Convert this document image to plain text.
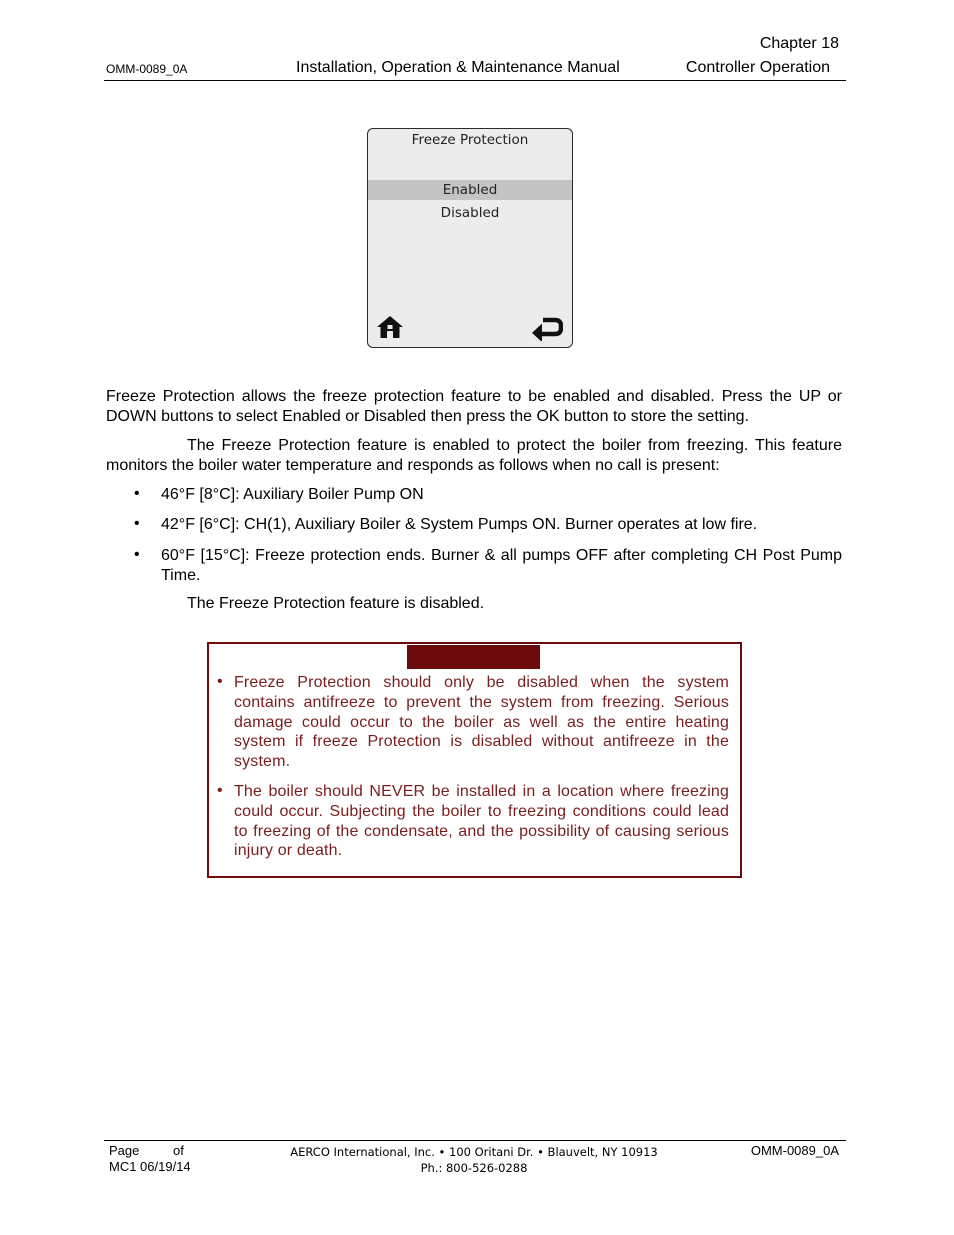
Chapter 18
OMM-0089_0A	Installation, Operation & Maintenance Manual	Controller Operation
Freeze Protection
Enabled
Disabled
Freeze Protection allows the freeze protection feature to be enabled and disabled. Press the UP or DOWN buttons to select Enabled or Disabled then press the OK button to store the setting.
The Freeze Protection feature is enabled to protect the boiler from freezing. This feature monitors the boiler water temperature and responds as follows when no call is present:
• 46°F [8°C]: Auxiliary Boiler Pump ON
• 42°F [6°C]: CH(1), Auxiliary Boiler & System Pumps ON. Burner operates at low fire.
• 60°F [15°C]: Freeze protection ends. Burner & all pumps OFF after completing CH Post Pump Time.
The Freeze Protection feature is disabled.
• Freeze Protection should only be disabled when the system contains antifreeze to prevent the system from freezing. Serious damage could occur to the boiler as well as the entire heating system if freeze Protection is disabled without antifreeze in the system.
• The boiler should NEVER be installed in a location where freezing could occur. Subjecting the boiler to freezing conditions could lead to freezing of the condensate, and the possibility of causing serious injury or death.
Page	of
MC1 06/19/14
AERCO International, Inc. • 100 Oritani Dr. • Blauvelt, NY 10913
Ph.: 800-526-0288
OMM-0089_0A
